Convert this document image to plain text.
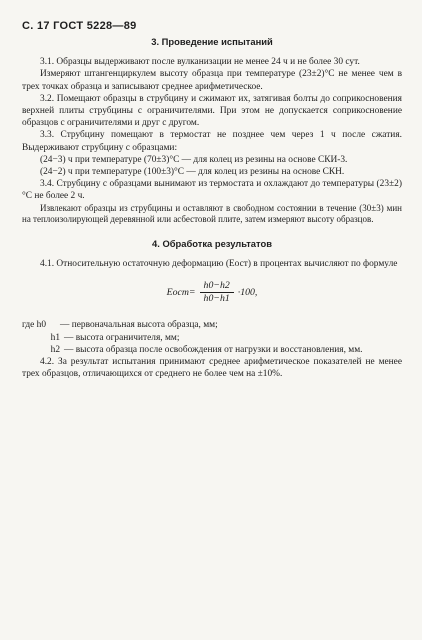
С. 17 ГОСТ 5228—89
3. Проведение испытаний

3.1. Образцы выдерживают после вулканизации не менее 24 ч и не более 30 сут.

Измеряют штангенциркулем высоту образца при температуре (23±2)°С не менее чем в трех точках образца и записывают среднее арифметическое.

3.2. Помещают образцы в струбцину и сжимают их, затягивая болты до соприкосновения верхней плиты струбцины с ограничителями. При этом не допускается соприкосновение образцов с ограничителями и друг с другом.

3.3. Струбцину помещают в термостат не позднее чем через 1 ч после сжатия. Выдерживают струбцину с образцами:

(24−3) ч при температуре (70±3)°С — для колец из резины на основе СКИ-3.

(24−2) ч при температуре (100±3)°С — для колец из резины на основе СКН.

3.4. Струбцину с образцами вынимают из термостата и охлаждают до температуры (23±2)°С не более 2 ч.

Извлекают образцы из струбцины и оставляют в свободном состоянии в течение (30±3) мин на теплоизолирующей деревянной или асбестовой плите, затем измеряют высоту образцов.

4. Обработка результатов

4.1. Относительную остаточную деформацию (Eост) в процентах вычисляют по формуле

Eост= $\frac{h0-h2}{h0-h1} \cdot 100$,
где h0	— первоначальная высота образца, мм;
h1 — высота ограничителя, мм;
h2 — высота образца после освобождения от нагрузки и восстановления, мм.

4.2. За результат испытания принимают среднее арифметическое показателей не менее трех образцов, отличающихся от среднего не более чем на ±10%.
